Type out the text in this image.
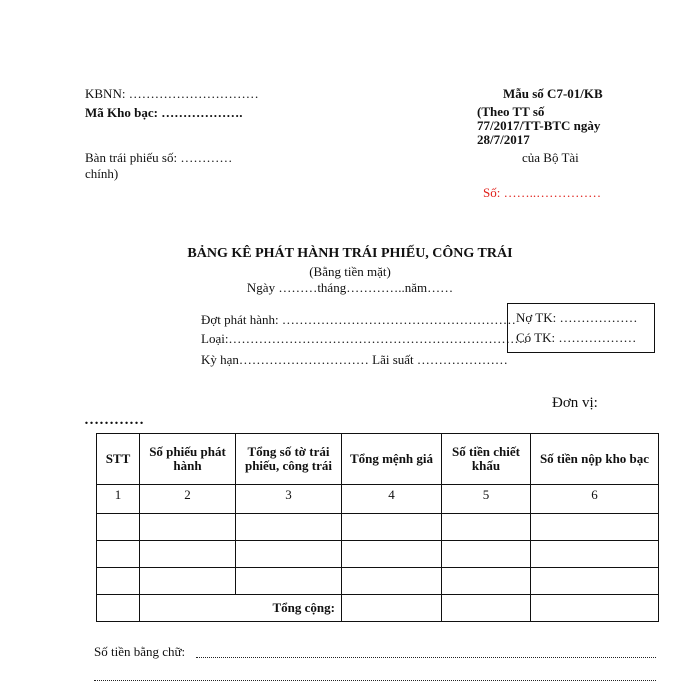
KBNN: …………………………
Mã Kho bạc: ……………….
Bàn trái phiếu số: …………
chính)
Mẫu số C7-01/KB
(Theo TT số
77/2017/TT-BTC ngày
28/7/2017
của Bộ Tài
Số: ……..……………
BẢNG KÊ PHÁT HÀNH TRÁI PHIẾU, CÔNG TRÁI
(Bằng tiền mặt)
Ngày ………tháng…………..năm……
Đợt phát hành: ………………………………………………
Loại:……………………………………………………………
Kỳ hạn………………………… Lãi suất …………………
Nợ TK: ………………
Có TK: ………………
Đơn vị:
…………
STT	Số phiếu phát hành	Tổng số tờ trái phiếu, công trái	Tổng mệnh giá	Số tiền chiết khấu	Số tiền nộp kho bạc
1	2	3	4	5	6

	Tổng cộng:				
Số tiền bằng chữ:
